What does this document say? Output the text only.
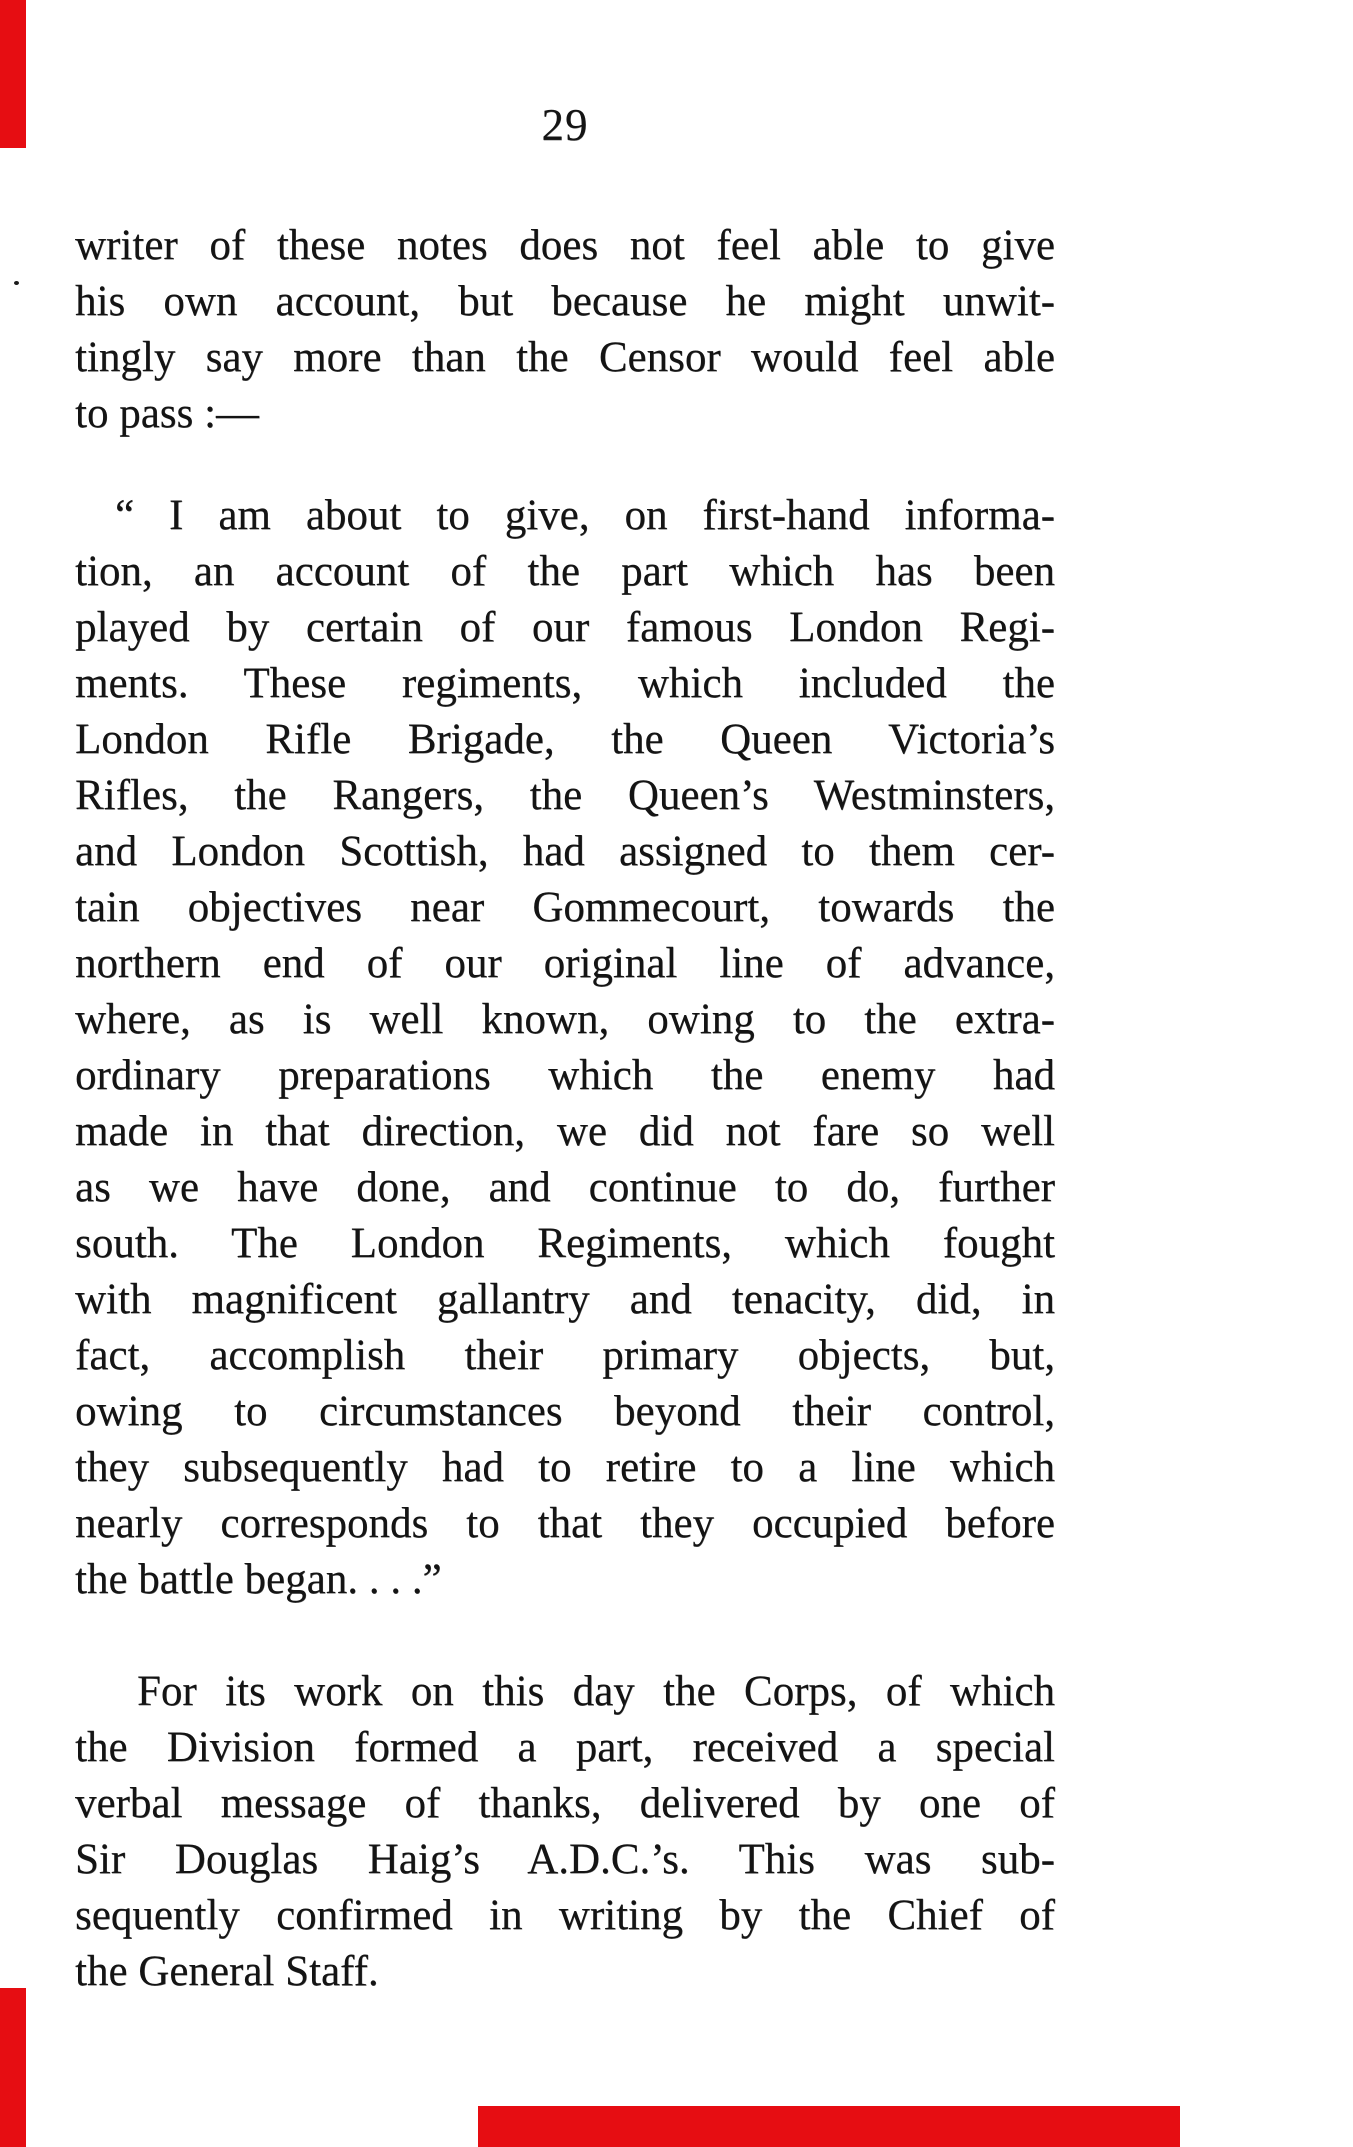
29
writer of these notes does not feel able to give
his own account, but because he might unwit-
tingly say more than the Censor would feel able
to pass :—
“ I am about to give, on first-hand informa-
tion, an account of the part which has been
played by certain of our famous London Regi-
ments. These regiments, which included the
London Rifle Brigade, the Queen Victoria’s
Rifles, the Rangers, the Queen’s Westminsters,
and London Scottish, had assigned to them cer-
tain objectives near Gommecourt, towards the
northern end of our original line of advance,
where, as is well known, owing to the extra-
ordinary preparations which the enemy had
made in that direction, we did not fare so well
as we have done, and continue to do, further
south. The London Regiments, which fought
with magnificent gallantry and tenacity, did, in
fact, accomplish their primary objects, but,
owing to circumstances beyond their control,
they subsequently had to retire to a line which
nearly corresponds to that they occupied before
the battle began. . . .”
For its work on this day the Corps, of which
the Division formed a part, received a special
verbal message of thanks, delivered by one of
Sir Douglas Haig’s A.D.C.’s. This was sub-
sequently confirmed in writing by the Chief of
the General Staff.
